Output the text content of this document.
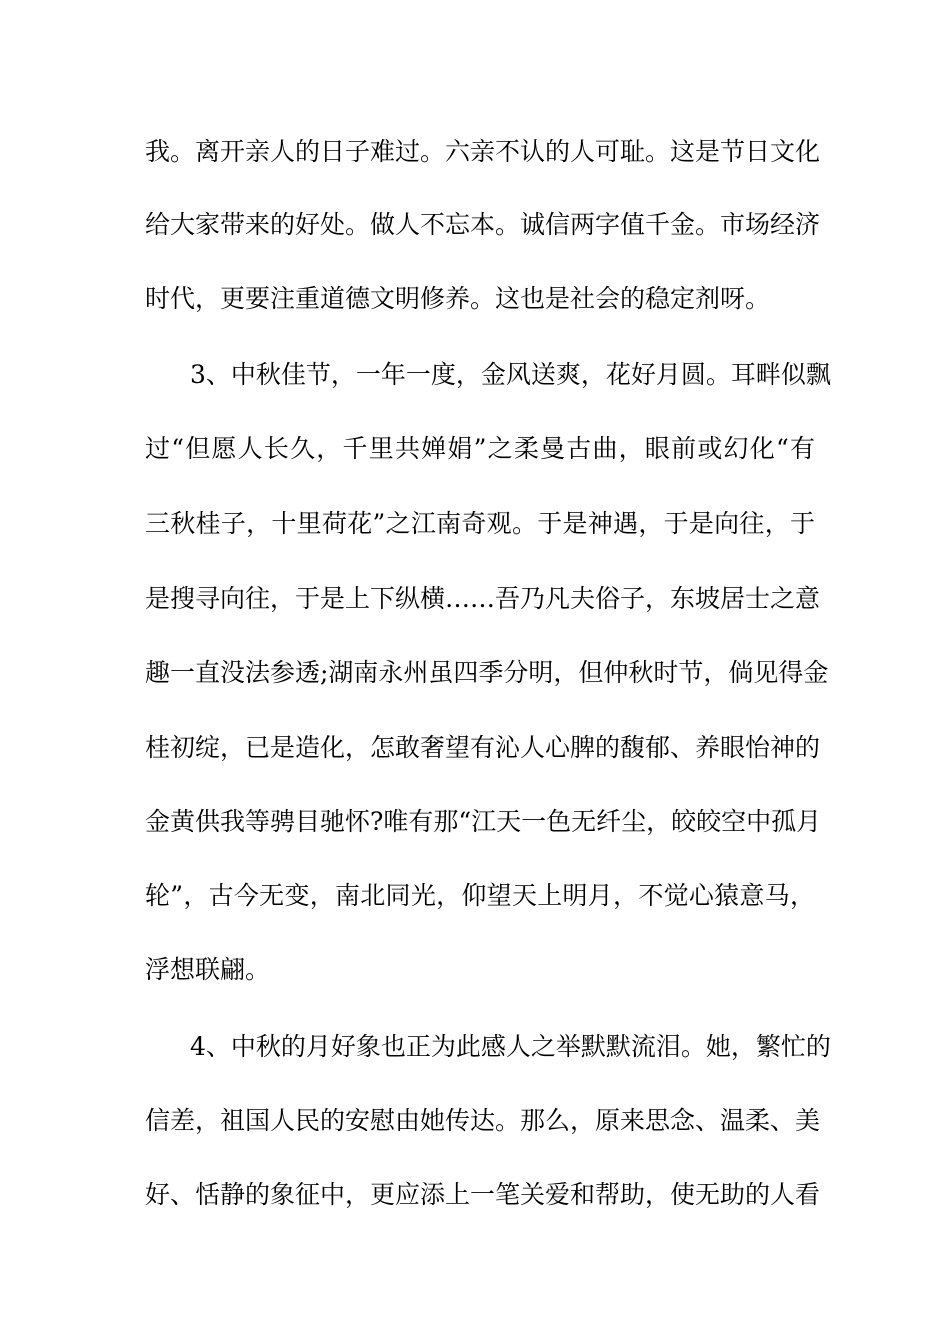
我。离开亲人的日子难过。六亲不认的人可耻。这是节日文化
给大家带来的好处。做人不忘本。诚信两字值千金。市场经济
时代，更要注重道德文明修养。这也是社会的稳定剂呀。
3、中秋佳节，一年一度，金风送爽，花好月圆。耳畔似飘
过“但愿人长久，千里共婵娟”之柔曼古曲，眼前或幻化“有
三秋桂子，十里荷花”之江南奇观。于是神遇，于是向往，于
是搜寻向往，于是上下纵横……吾乃凡夫俗子，东坡居士之意
趣一直没法参透;湖南永州虽四季分明，但仲秋时节，倘见得金
桂初绽，已是造化，怎敢奢望有沁人心脾的馥郁、养眼怡神的
金黄供我等骋目驰怀?唯有那“江天一色无纤尘，皎皎空中孤月
轮”，古今无变，南北同光，仰望天上明月，不觉心猿意马，
浮想联翩。
4、中秋的月好象也正为此感人之举默默流泪。她，繁忙的
信差，祖国人民的安慰由她传达。那么，原来思念、温柔、美
好、恬静的象征中，更应添上一笔关爱和帮助，使无助的人看
